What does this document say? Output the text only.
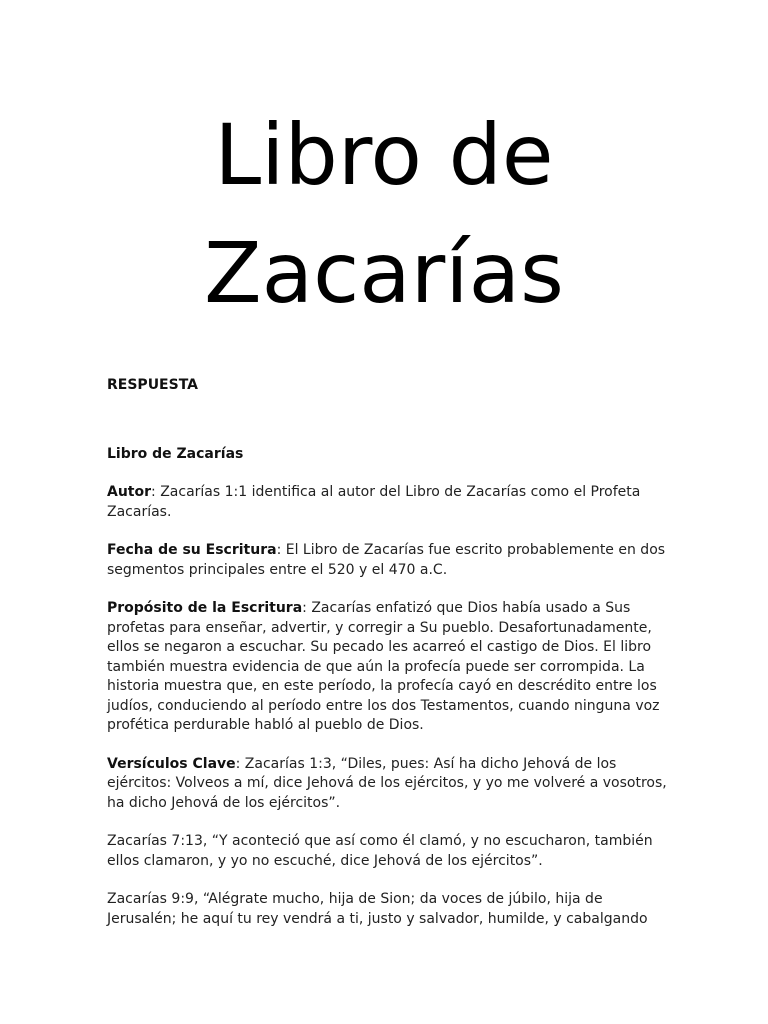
Libro de
Zacarías

RESPUESTA

Libro de Zacarías

Autor: Zacarías 1:1 identifica al autor del Libro de Zacarías como el Profeta Zacarías.

Fecha de su Escritura: El Libro de Zacarías fue escrito probablemente en dos segmentos principales entre el 520 y el 470 a.C.

Propósito de la Escritura: Zacarías enfatizó que Dios había usado a Sus profetas para enseñar, advertir, y corregir a Su pueblo. Desafortunadamente, ellos se negaron a escuchar. Su pecado les acarreó el castigo de Dios. El libro también muestra evidencia de que aún la profecía puede ser corrompida. La historia muestra que, en este período, la profecía cayó en descrédito entre los judíos, conduciendo al período entre los dos Testamentos, cuando ninguna voz profética perdurable habló al pueblo de Dios.

Versículos Clave: Zacarías 1:3, “Diles, pues: Así ha dicho Jehová de los ejércitos: Volveos a mí, dice Jehová de los ejércitos, y yo me volveré a vosotros, ha dicho Jehová de los ejércitos”.

Zacarías 7:13, “Y aconteció que así como él clamó, y no escucharon, también ellos clamaron, y yo no escuché, dice Jehová de los ejércitos”.

Zacarías 9:9, “Alégrate mucho, hija de Sion; da voces de júbilo, hija de Jerusalén; he aquí tu rey vendrá a ti, justo y salvador, humilde, y cabalgando
